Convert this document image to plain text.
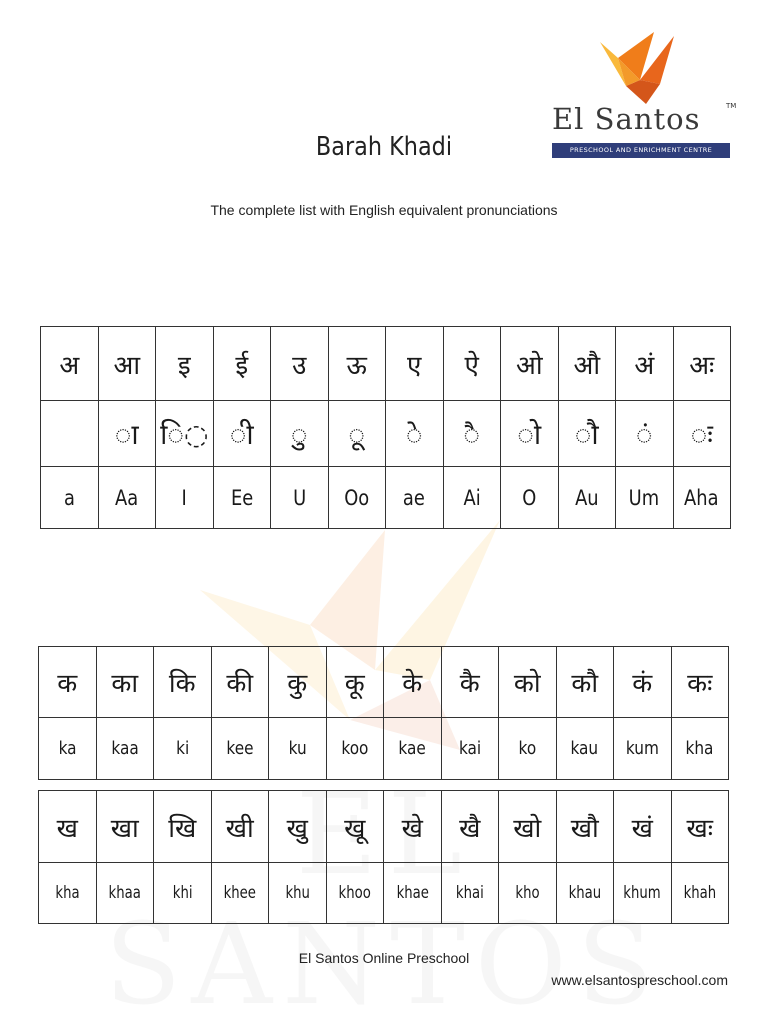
El Santos	TM
PRESCHOOL AND ENRICHMENT CENTRE
Barah Khadi
The complete list with English equivalent pronunciations
अ	आ	इ	ई	उ	ऊ	ए	ऐ	ओ	औ	अं	अः
	◌ा	ि◌	◌ी	◌ु	◌ू	◌े	◌ै	◌ो	◌ौ	◌ं	◌ः
a	Aa	I	Ee	U	Oo	ae	Ai	O	Au	Um	Aha
क	का	कि	की	कु	कू	के	कै	को	कौ	कं	कः
ka	kaa	ki	kee	ku	koo	kae	kai	ko	kau	kum	kha
ख	खा	खि	खी	खु	खू	खे	खै	खो	खौ	खं	खः
kha	khaa	khi	khee	khu	khoo	khae	khai	kho	khau	khum	khah
El Santos Online Preschool
www.elsantospreschool.com
